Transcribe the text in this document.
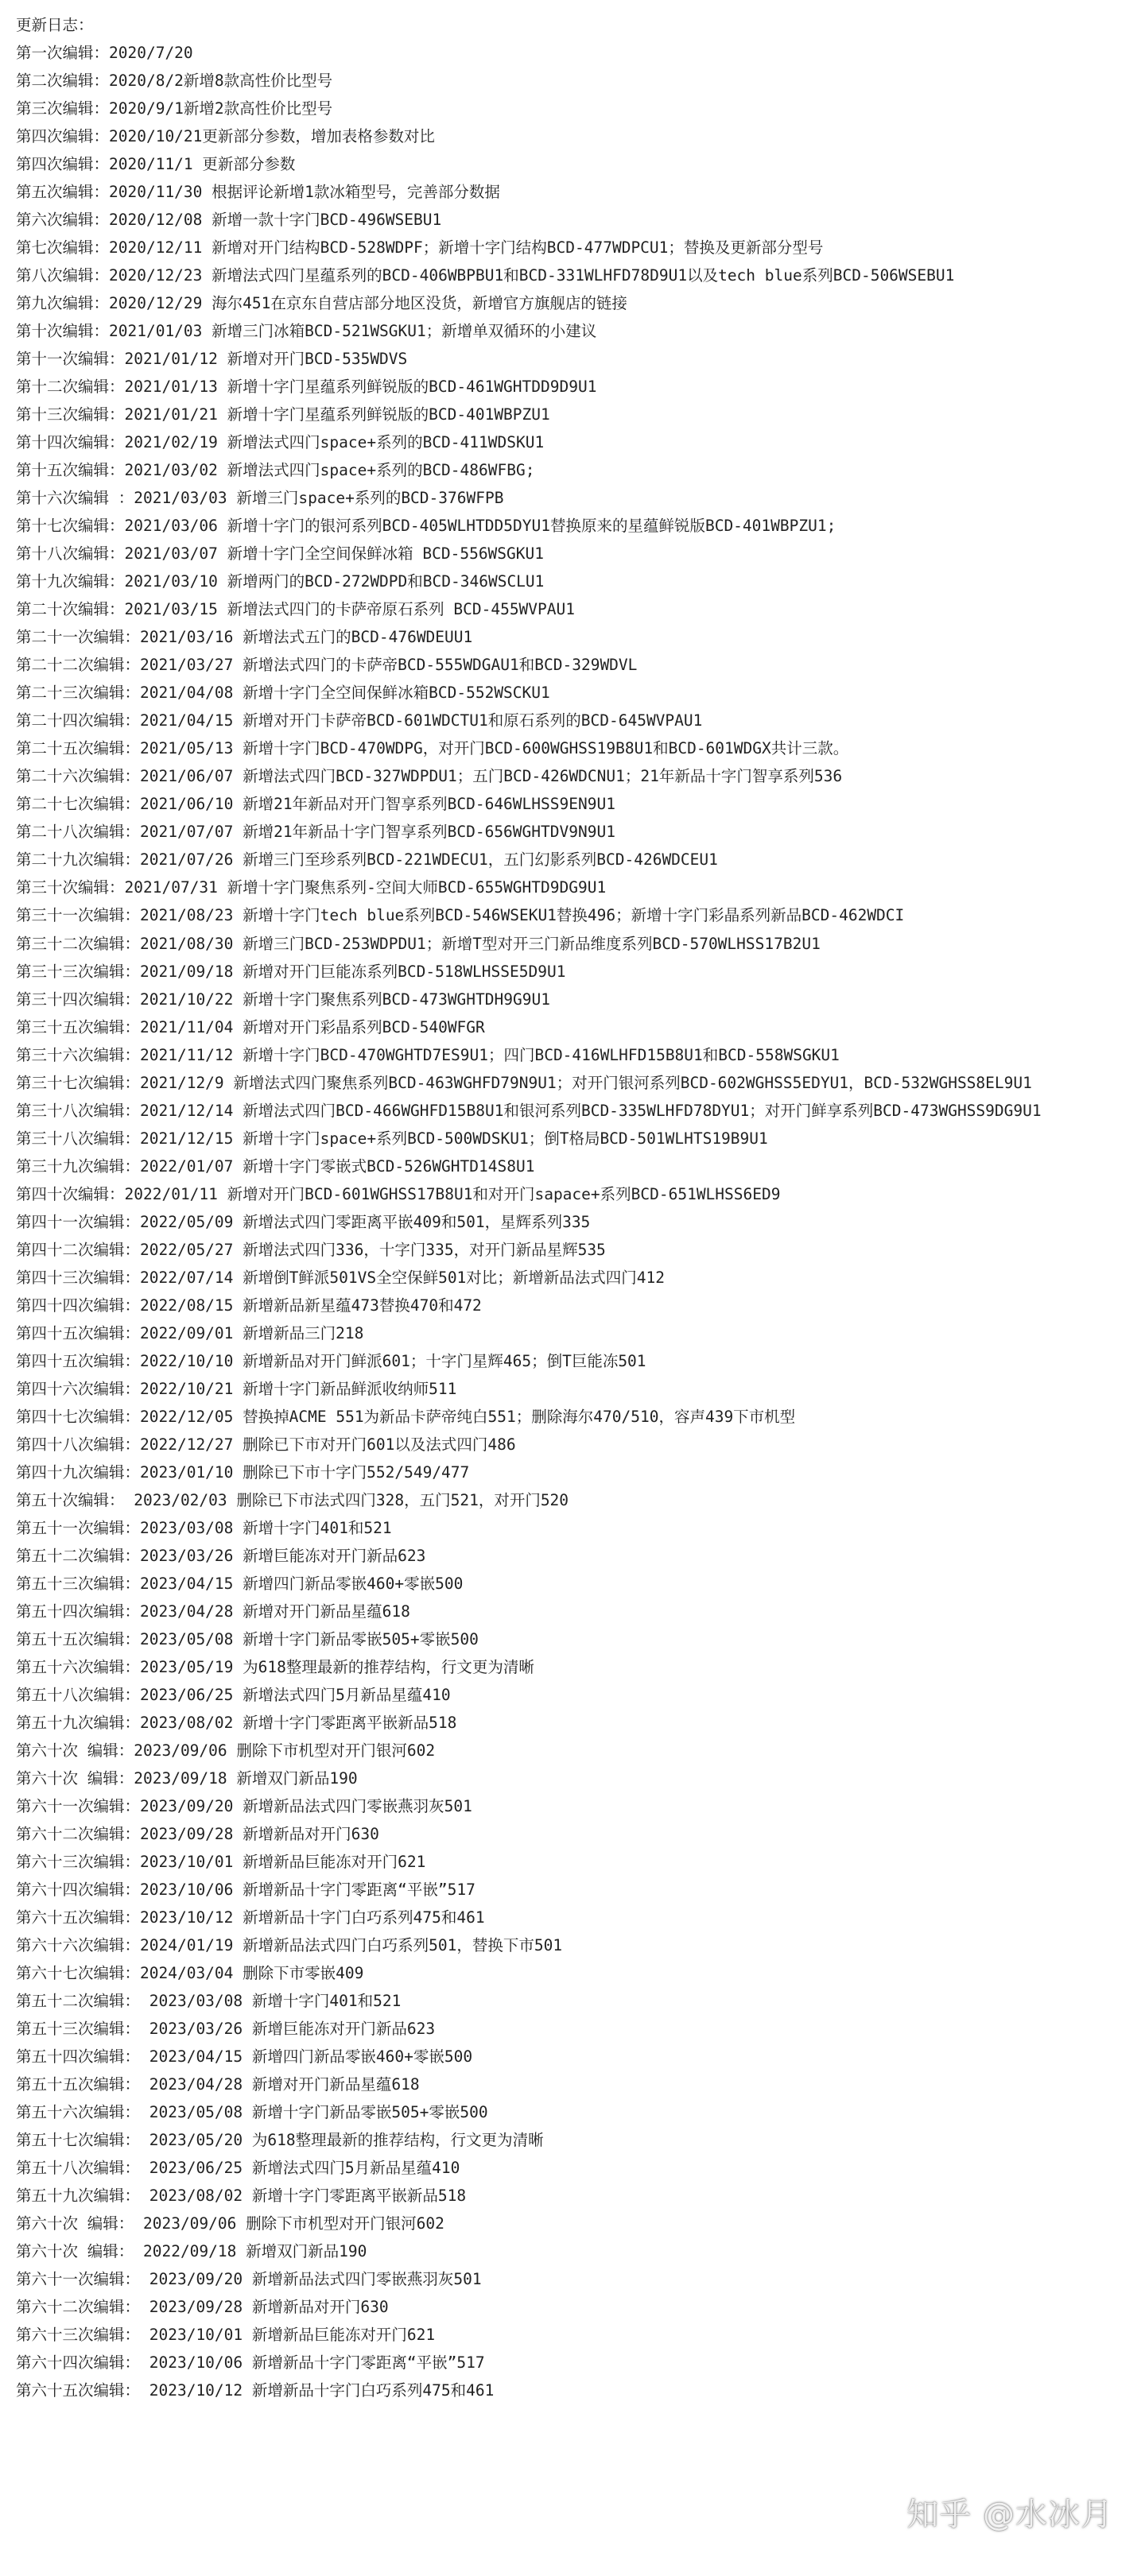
更新日志：
第一次编辑：2020/7/20
第二次编辑：2020/8/2新增8款高性价比型号
第三次编辑：2020/9/1新增2款高性价比型号
第四次编辑：2020/10/21更新部分参数，增加表格参数对比
第四次编辑：2020/11/1 更新部分参数
第五次编辑：2020/11/30 根据评论新增1款冰箱型号，完善部分数据
第六次编辑：2020/12/08 新增一款十字门BCD-496WSEBU1
第七次编辑：2020/12/11 新增对开门结构BCD-528WDPF；新增十字门结构BCD-477WDPCU1；替换及更新部分型号
第八次编辑：2020/12/23 新增法式四门星蕴系列的BCD-406WBPBU1和BCD-331WLHFD78D9U1以及tech blue系列BCD-506WSEBU1
第九次编辑：2020/12/29 海尔451在京东自营店部分地区没货，新增官方旗舰店的链接
第十次编辑：2021/01/03 新增三门冰箱BCD-521WSGKU1；新增单双循环的小建议
第十一次编辑：2021/01/12 新增对开门BCD-535WDVS
第十二次编辑：2021/01/13 新增十字门星蕴系列鲜锐版的BCD-461WGHTDD9D9U1
第十三次编辑：2021/01/21 新增十字门星蕴系列鲜锐版的BCD-401WBPZU1
第十四次编辑：2021/02/19 新增法式四门space+系列的BCD-411WDSKU1
第十五次编辑：2021/03/02 新增法式四门space+系列的BCD-486WFBG;
第十六次编辑 ：2021/03/03 新增三门space+系列的BCD-376WFPB
第十七次编辑：2021/03/06 新增十字门的银河系列BCD-405WLHTDD5DYU1替换原来的星蕴鲜锐版BCD-401WBPZU1;
第十八次编辑：2021/03/07 新增十字门全空间保鲜冰箱 BCD-556WSGKU1
第十九次编辑：2021/03/10 新增两门的BCD-272WDPD和BCD-346WSCLU1
第二十次编辑：2021/03/15 新增法式四门的卡萨帝原石系列 BCD-455WVPAU1
第二十一次编辑：2021/03/16 新增法式五门的BCD-476WDEUU1
第二十二次编辑：2021/03/27 新增法式四门的卡萨帝BCD-555WDGAU1和BCD-329WDVL
第二十三次编辑：2021/04/08 新增十字门全空间保鲜冰箱BCD-552WSCKU1
第二十四次编辑：2021/04/15 新增对开门卡萨帝BCD-601WDCTU1和原石系列的BCD-645WVPAU1
第二十五次编辑：2021/05/13 新增十字门BCD-470WDPG，对开门BCD-600WGHSS19B8U1和BCD-601WDGX共计三款。
第二十六次编辑：2021/06/07 新增法式四门BCD-327WDPDU1；五门BCD-426WDCNU1；21年新品十字门智享系列536
第二十七次编辑：2021/06/10 新增21年新品对开门智享系列BCD-646WLHSS9EN9U1
第二十八次编辑：2021/07/07 新增21年新品十字门智享系列BCD-656WGHTDV9N9U1
第二十九次编辑：2021/07/26 新增三门至珍系列BCD-221WDECU1，五门幻影系列BCD-426WDCEU1
第三十次编辑：2021/07/31 新增十字门聚焦系列-空间大师BCD-655WGHTD9DG9U1
第三十一次编辑：2021/08/23 新增十字门tech blue系列BCD-546WSEKU1替换496；新增十字门彩晶系列新品BCD-462WDCI
第三十二次编辑：2021/08/30 新增三门BCD-253WDPDU1；新增T型对开三门新品维度系列BCD-570WLHSS17B2U1
第三十三次编辑：2021/09/18 新增对开门巨能冻系列BCD-518WLHSSE5D9U1
第三十四次编辑：2021/10/22 新增十字门聚焦系列BCD-473WGHTDH9G9U1
第三十五次编辑：2021/11/04 新增对开门彩晶系列BCD-540WFGR
第三十六次编辑：2021/11/12 新增十字门BCD-470WGHTD7ES9U1；四门BCD-416WLHFD15B8U1和BCD-558WSGKU1
第三十七次编辑：2021/12/9 新增法式四门聚焦系列BCD-463WGHFD79N9U1；对开门银河系列BCD-602WGHSS5EDYU1，BCD-532WGHSS8EL9U1
第三十八次编辑：2021/12/14 新增法式四门BCD-466WGHFD15B8U1和银河系列BCD-335WLHFD78DYU1；对开门鲜享系列BCD-473WGHSS9DG9U1
第三十八次编辑：2021/12/15 新增十字门space+系列BCD-500WDSKU1；倒T格局BCD-501WLHTS19B9U1
第三十九次编辑：2022/01/07 新增十字门零嵌式BCD-526WGHTD14S8U1
第四十次编辑：2022/01/11 新增对开门BCD-601WGHSS17B8U1和对开门sapace+系列BCD-651WLHSS6ED9
第四十一次编辑：2022/05/09 新增法式四门零距离平嵌409和501，星辉系列335
第四十二次编辑：2022/05/27 新增法式四门336，十字门335，对开门新品星辉535
第四十三次编辑：2022/07/14 新增倒T鲜派501VS全空保鲜501对比；新增新品法式四门412
第四十四次编辑：2022/08/15 新增新品新星蕴473替换470和472
第四十五次编辑：2022/09/01 新增新品三门218
第四十五次编辑：2022/10/10 新增新品对开门鲜派601；十字门星辉465；倒T巨能冻501
第四十六次编辑：2022/10/21 新增十字门新品鲜派收纳师511
第四十七次编辑：2022/12/05 替换掉ACME 551为新品卡萨帝纯白551；删除海尔470/510，容声439下市机型
第四十八次编辑：2022/12/27 删除已下市对开门601以及法式四门486
第四十九次编辑：2023/01/10 删除已下市十字门552/549/477
第五十次编辑： 2023/02/03 删除已下市法式四门328，五门521，对开门520
第五十一次编辑：2023/03/08 新增十字门401和521
第五十二次编辑：2023/03/26 新增巨能冻对开门新品623
第五十三次编辑：2023/04/15 新增四门新品零嵌460+零嵌500
第五十四次编辑：2023/04/28 新增对开门新品星蕴618
第五十五次编辑：2023/05/08 新增十字门新品零嵌505+零嵌500
第五十六次编辑：2023/05/19 为618整理最新的推荐结构，行文更为清晰
第五十八次编辑：2023/06/25 新增法式四门5月新品星蕴410
第五十九次编辑：2023/08/02 新增十字门零距离平嵌新品518
第六十次 编辑：2023/09/06 删除下市机型对开门银河602
第六十次 编辑：2023/09/18 新增双门新品190
第六十一次编辑：2023/09/20 新增新品法式四门零嵌燕羽灰501
第六十二次编辑：2023/09/28 新增新品对开门630
第六十三次编辑：2023/10/01 新增新品巨能冻对开门621
第六十四次编辑：2023/10/06 新增新品十字门零距离“平嵌”517
第六十五次编辑：2023/10/12 新增新品十字门白巧系列475和461
第六十六次编辑：2024/01/19 新增新品法式四门白巧系列501，替换下市501
第六十七次编辑：2024/03/04 删除下市零嵌409
第五十二次编辑： 2023/03/08 新增十字门401和521
第五十三次编辑： 2023/03/26 新增巨能冻对开门新品623
第五十四次编辑： 2023/04/15 新增四门新品零嵌460+零嵌500
第五十五次编辑： 2023/04/28 新增对开门新品星蕴618
第五十六次编辑： 2023/05/08 新增十字门新品零嵌505+零嵌500
第五十七次编辑： 2023/05/20 为618整理最新的推荐结构，行文更为清晰
第五十八次编辑： 2023/06/25 新增法式四门5月新品星蕴410
第五十九次编辑： 2023/08/02 新增十字门零距离平嵌新品518
第六十次 编辑： 2023/09/06 删除下市机型对开门银河602
第六十次 编辑： 2022/09/18 新增双门新品190
第六十一次编辑： 2023/09/20 新增新品法式四门零嵌燕羽灰501
第六十二次编辑： 2023/09/28 新增新品对开门630
第六十三次编辑： 2023/10/01 新增新品巨能冻对开门621
第六十四次编辑： 2023/10/06 新增新品十字门零距离“平嵌”517
第六十五次编辑： 2023/10/12 新增新品十字门白巧系列475和461
知乎 @水冰月
